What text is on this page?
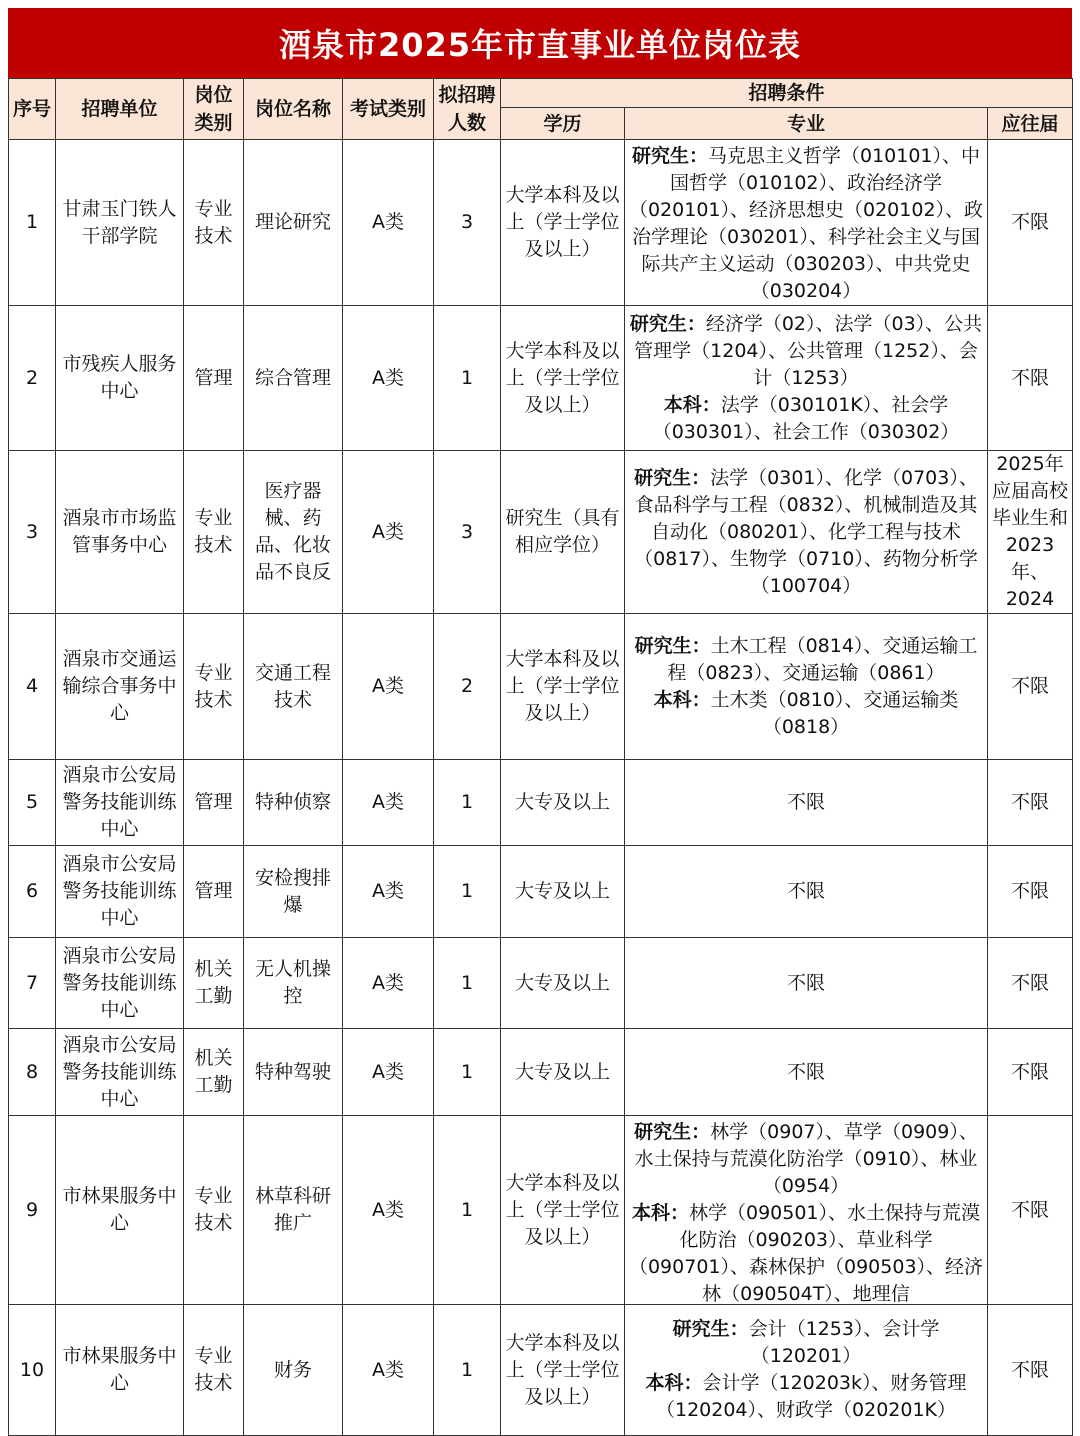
酒泉市2025年市直事业单位岗位表
序号	招聘单位	岗位类别	岗位名称	考试类别	拟招聘人数	招聘条件		
						学历	专业	应往届
1	甘肃玉门铁人干部学院	专业技术	理论研究	A类	3	大学本科及以上（学士学位及以上）	研究生：马克思主义哲学（010101）、中国哲学（010102）、政治经济学（020101）、经济思想史（020102）、政治学理论（030201）、科学社会主义与国际共产主义运动（030203）、中共党史（030204）	不限
2	市残疾人服务中心	管理	综合管理	A类	1	大学本科及以上（学士学位及以上）	研究生：经济学（02）、法学（03）、公共管理学（1204）、公共管理（1252）、会计（1253）
本科：法学（030101K）、社会学（030301）、社会工作（030302）	不限
3	酒泉市市场监管事务中心	专业技术	医疗器械、药品、化妆品不良反	A类	3	研究生（具有相应学位）	研究生：法学（0301）、化学（0703）、食品科学与工程（0832）、机械制造及其自动化（080201）、化学工程与技术（0817）、生物学（0710）、药物分析学（100704）	2025年应届高校毕业生和2023年、2024
4	酒泉市交通运输综合事务中心	专业技术	交通工程技术	A类	2	大学本科及以上（学士学位及以上）	研究生：土木工程（0814）、交通运输工程（0823）、交通运输（0861）
本科：土木类（0810）、交通运输类（0818）	不限
5	酒泉市公安局警务技能训练中心	管理	特种侦察	A类	1	大专及以上	不限	不限
6	酒泉市公安局警务技能训练中心	管理	安检搜排爆	A类	1	大专及以上	不限	不限
7	酒泉市公安局警务技能训练中心	机关工勤	无人机操控	A类	1	大专及以上	不限	不限
8	酒泉市公安局警务技能训练中心	机关工勤	特种驾驶	A类	1	大专及以上	不限	不限
9	市林果服务中心	专业技术	林草科研推广	A类	1	大学本科及以上（学士学位及以上）	研究生：林学（0907）、草学（0909）、水土保持与荒漠化防治学（0910）、林业（0954）
本科：林学（090501）、水土保持与荒漠化防治（090203）、草业科学（090701）、森林保护（090503）、经济林（090504T）、地理信	不限
10	市林果服务中心	专业技术	财务	A类	1	大学本科及以上（学士学位及以上）	研究生：会计（1253）、会计学（120201）
本科：会计学（120203k）、财务管理（120204）、财政学（020201K）	不限
